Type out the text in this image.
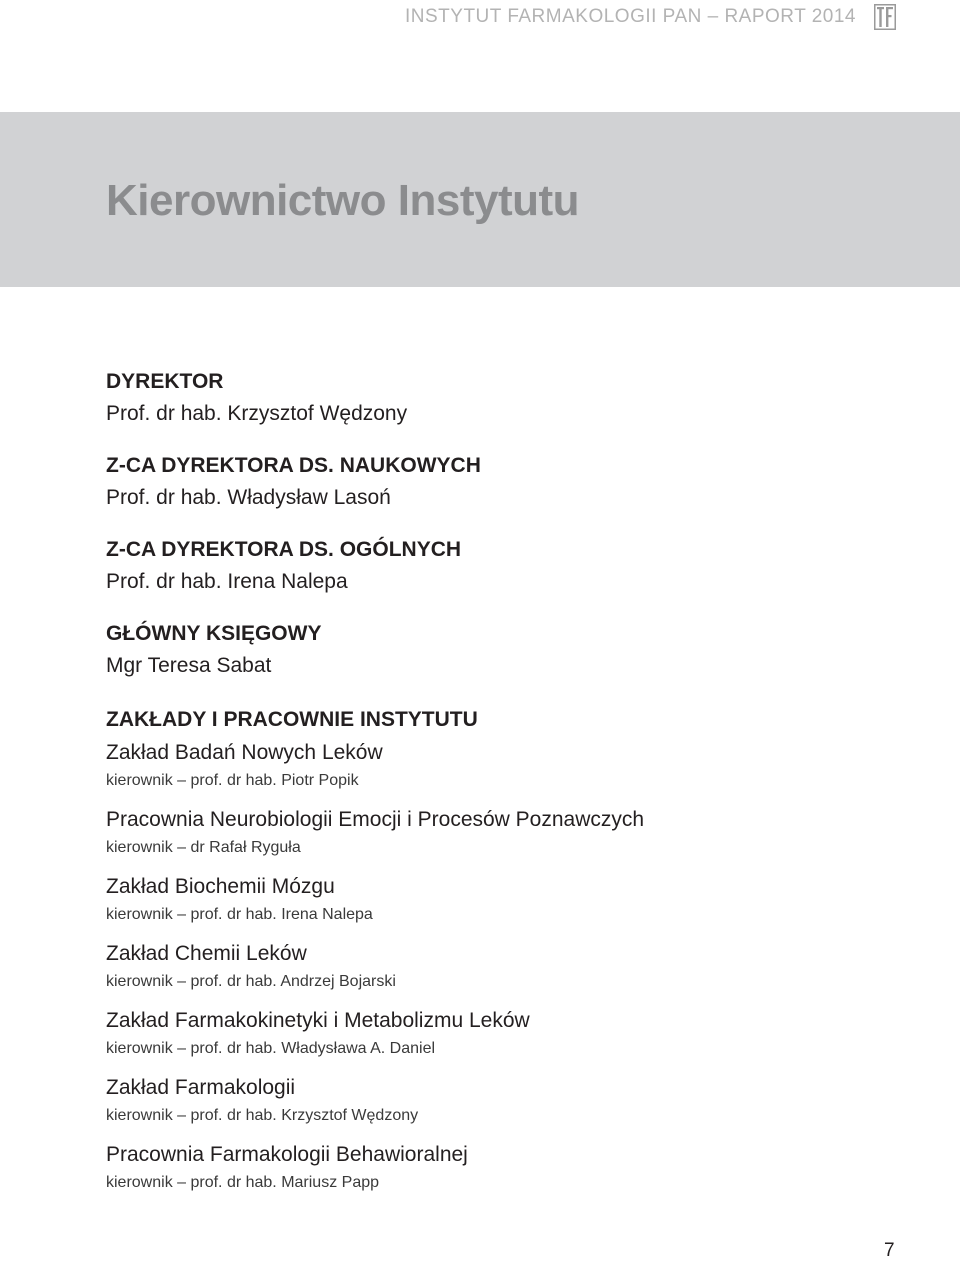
INSTYTUT FARMAKOLOGII PAN – RAPORT 2014
Kierownictwo Instytutu

DYREKTOR

Prof. dr hab. Krzysztof Wędzony

Z-CA DYREKTORA DS. NAUKOWYCH

Prof. dr hab. Władysław Lasoń

Z-CA DYREKTORA DS. OGÓLNYCH

Prof. dr hab. Irena Nalepa

GŁÓWNY KSIĘGOWY

Mgr Teresa Sabat

ZAKŁADY I PRACOWNIE INSTYTUTU

Zakład Badań Nowych Leków

kierownik – prof. dr hab. Piotr Popik

Pracownia Neurobiologii Emocji i Procesów Poznawczych

kierownik – dr Rafał Ryguła

Zakład Biochemii Mózgu

kierownik – prof. dr hab. Irena Nalepa

Zakład Chemii Leków

kierownik – prof. dr hab. Andrzej Bojarski

Zakład Farmakokinetyki i Metabolizmu Leków

kierownik – prof. dr hab. Władysława A. Daniel

Zakład Farmakologii

kierownik – prof. dr hab. Krzysztof Wędzony

Pracownia Farmakologii Behawioralnej

kierownik – prof. dr hab. Mariusz Papp

7
